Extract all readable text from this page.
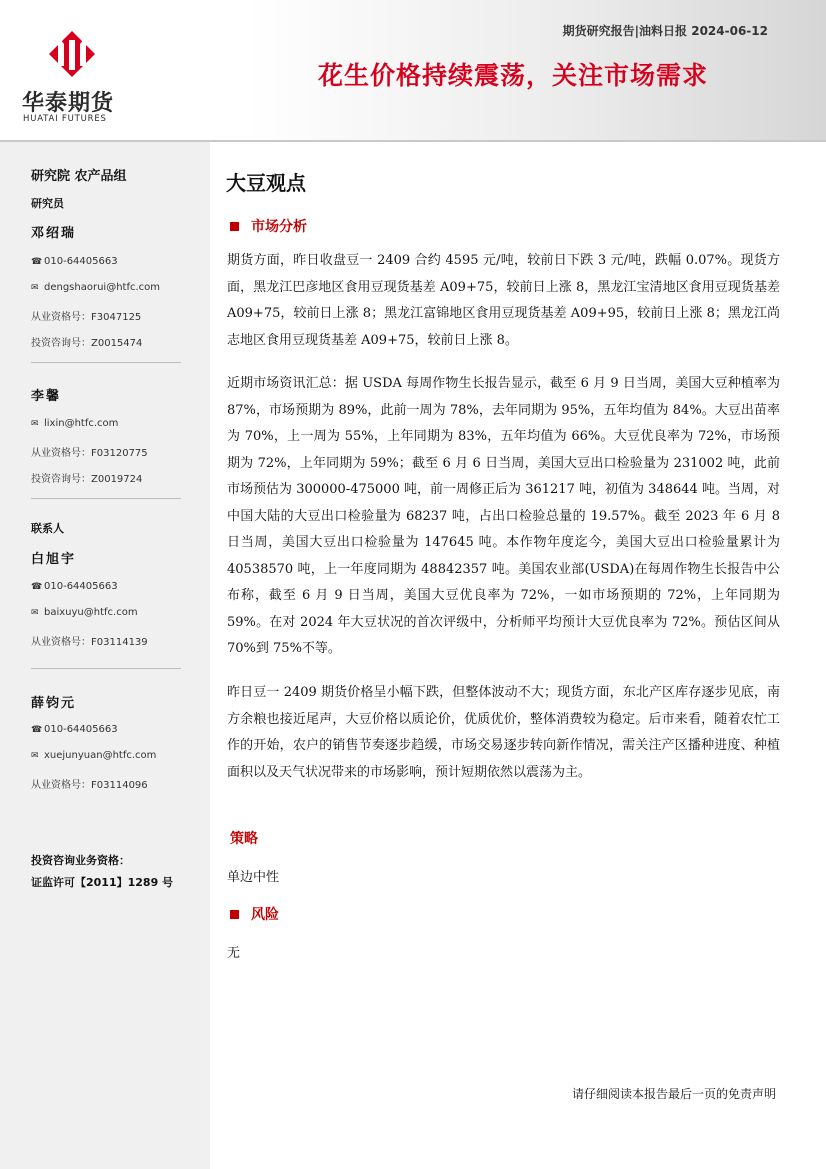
华泰期货
HUATAI FUTURES
期货研究报告|油料日报 2024-06-12
花生价格持续震荡，关注市场需求
研究院 农产品组
研究员
邓绍瑞
☎ 010-64405663
✉ dengshaorui@htfc.com
从业资格号：F3047125
投资咨询号：Z0015474
李馨
✉ lixin@htfc.com
从业资格号：F03120775
投资咨询号：Z0019724
联系人
白旭宇
☎ 010-64405663
✉ baixuyu@htfc.com
从业资格号：F03114139
薛钧元
☎ 010-64405663
✉ xuejunyuan@htfc.com
从业资格号：F03114096
投资咨询业务资格：
证监许可【2011】1289 号
大豆观点
市场分析
期货方面，昨日收盘豆一 2409 合约 4595 元/吨，较前日下跌 3 元/吨，跌幅 0.07%。现货方面，黑龙江巴彦地区食用豆现货基差 A09+75，较前日上涨 8，黑龙江宝清地区食用豆现货基差 A09+75，较前日上涨 8；黑龙江富锦地区食用豆现货基差 A09+95，较前日上涨 8；黑龙江尚志地区食用豆现货基差 A09+75，较前日上涨 8。
近期市场资讯汇总：据 USDA 每周作物生长报告显示，截至 6 月 9 日当周，美国大豆种植率为 87%，市场预期为 89%，此前一周为 78%，去年同期为 95%，五年均值为 84%。大豆出苗率为 70%，上一周为 55%，上年同期为 83%，五年均值为 66%。大豆优良率为 72%，市场预期为 72%，上年同期为 59%；截至 6 月 6 日当周，美国大豆出口检验量为 231002 吨，此前市场预估为 300000-475000 吨，前一周修正后为 361217 吨，初值为 348644 吨。当周，对中国大陆的大豆出口检验量为 68237 吨，占出口检验总量的 19.57%。截至 2023 年 6 月 8 日当周，美国大豆出口检验量为 147645 吨。本作物年度迄今，美国大豆出口检验量累计为 40538570 吨，上一年度同期为 48842357 吨。美国农业部(USDA)在每周作物生长报告中公布称，截至 6 月 9 日当周，美国大豆优良率为 72%，一如市场预期的 72%，上年同期为 59%。在对 2024 年大豆状况的首次评级中，分析师平均预计大豆优良率为 72%。预估区间从 70%到 75%不等。
昨日豆一 2409 期货价格呈小幅下跌，但整体波动不大；现货方面，东北产区库存逐步见底，南方余粮也接近尾声，大豆价格以质论价，优质优价，整体消费较为稳定。后市来看，随着农忙工作的开始，农户的销售节奏逐步趋缓，市场交易逐步转向新作情况，需关注产区播种进度、种植面积以及天气状况带来的市场影响，预计短期依然以震荡为主。
策略
单边中性
风险
无
请仔细阅读本报告最后一页的免责声明
